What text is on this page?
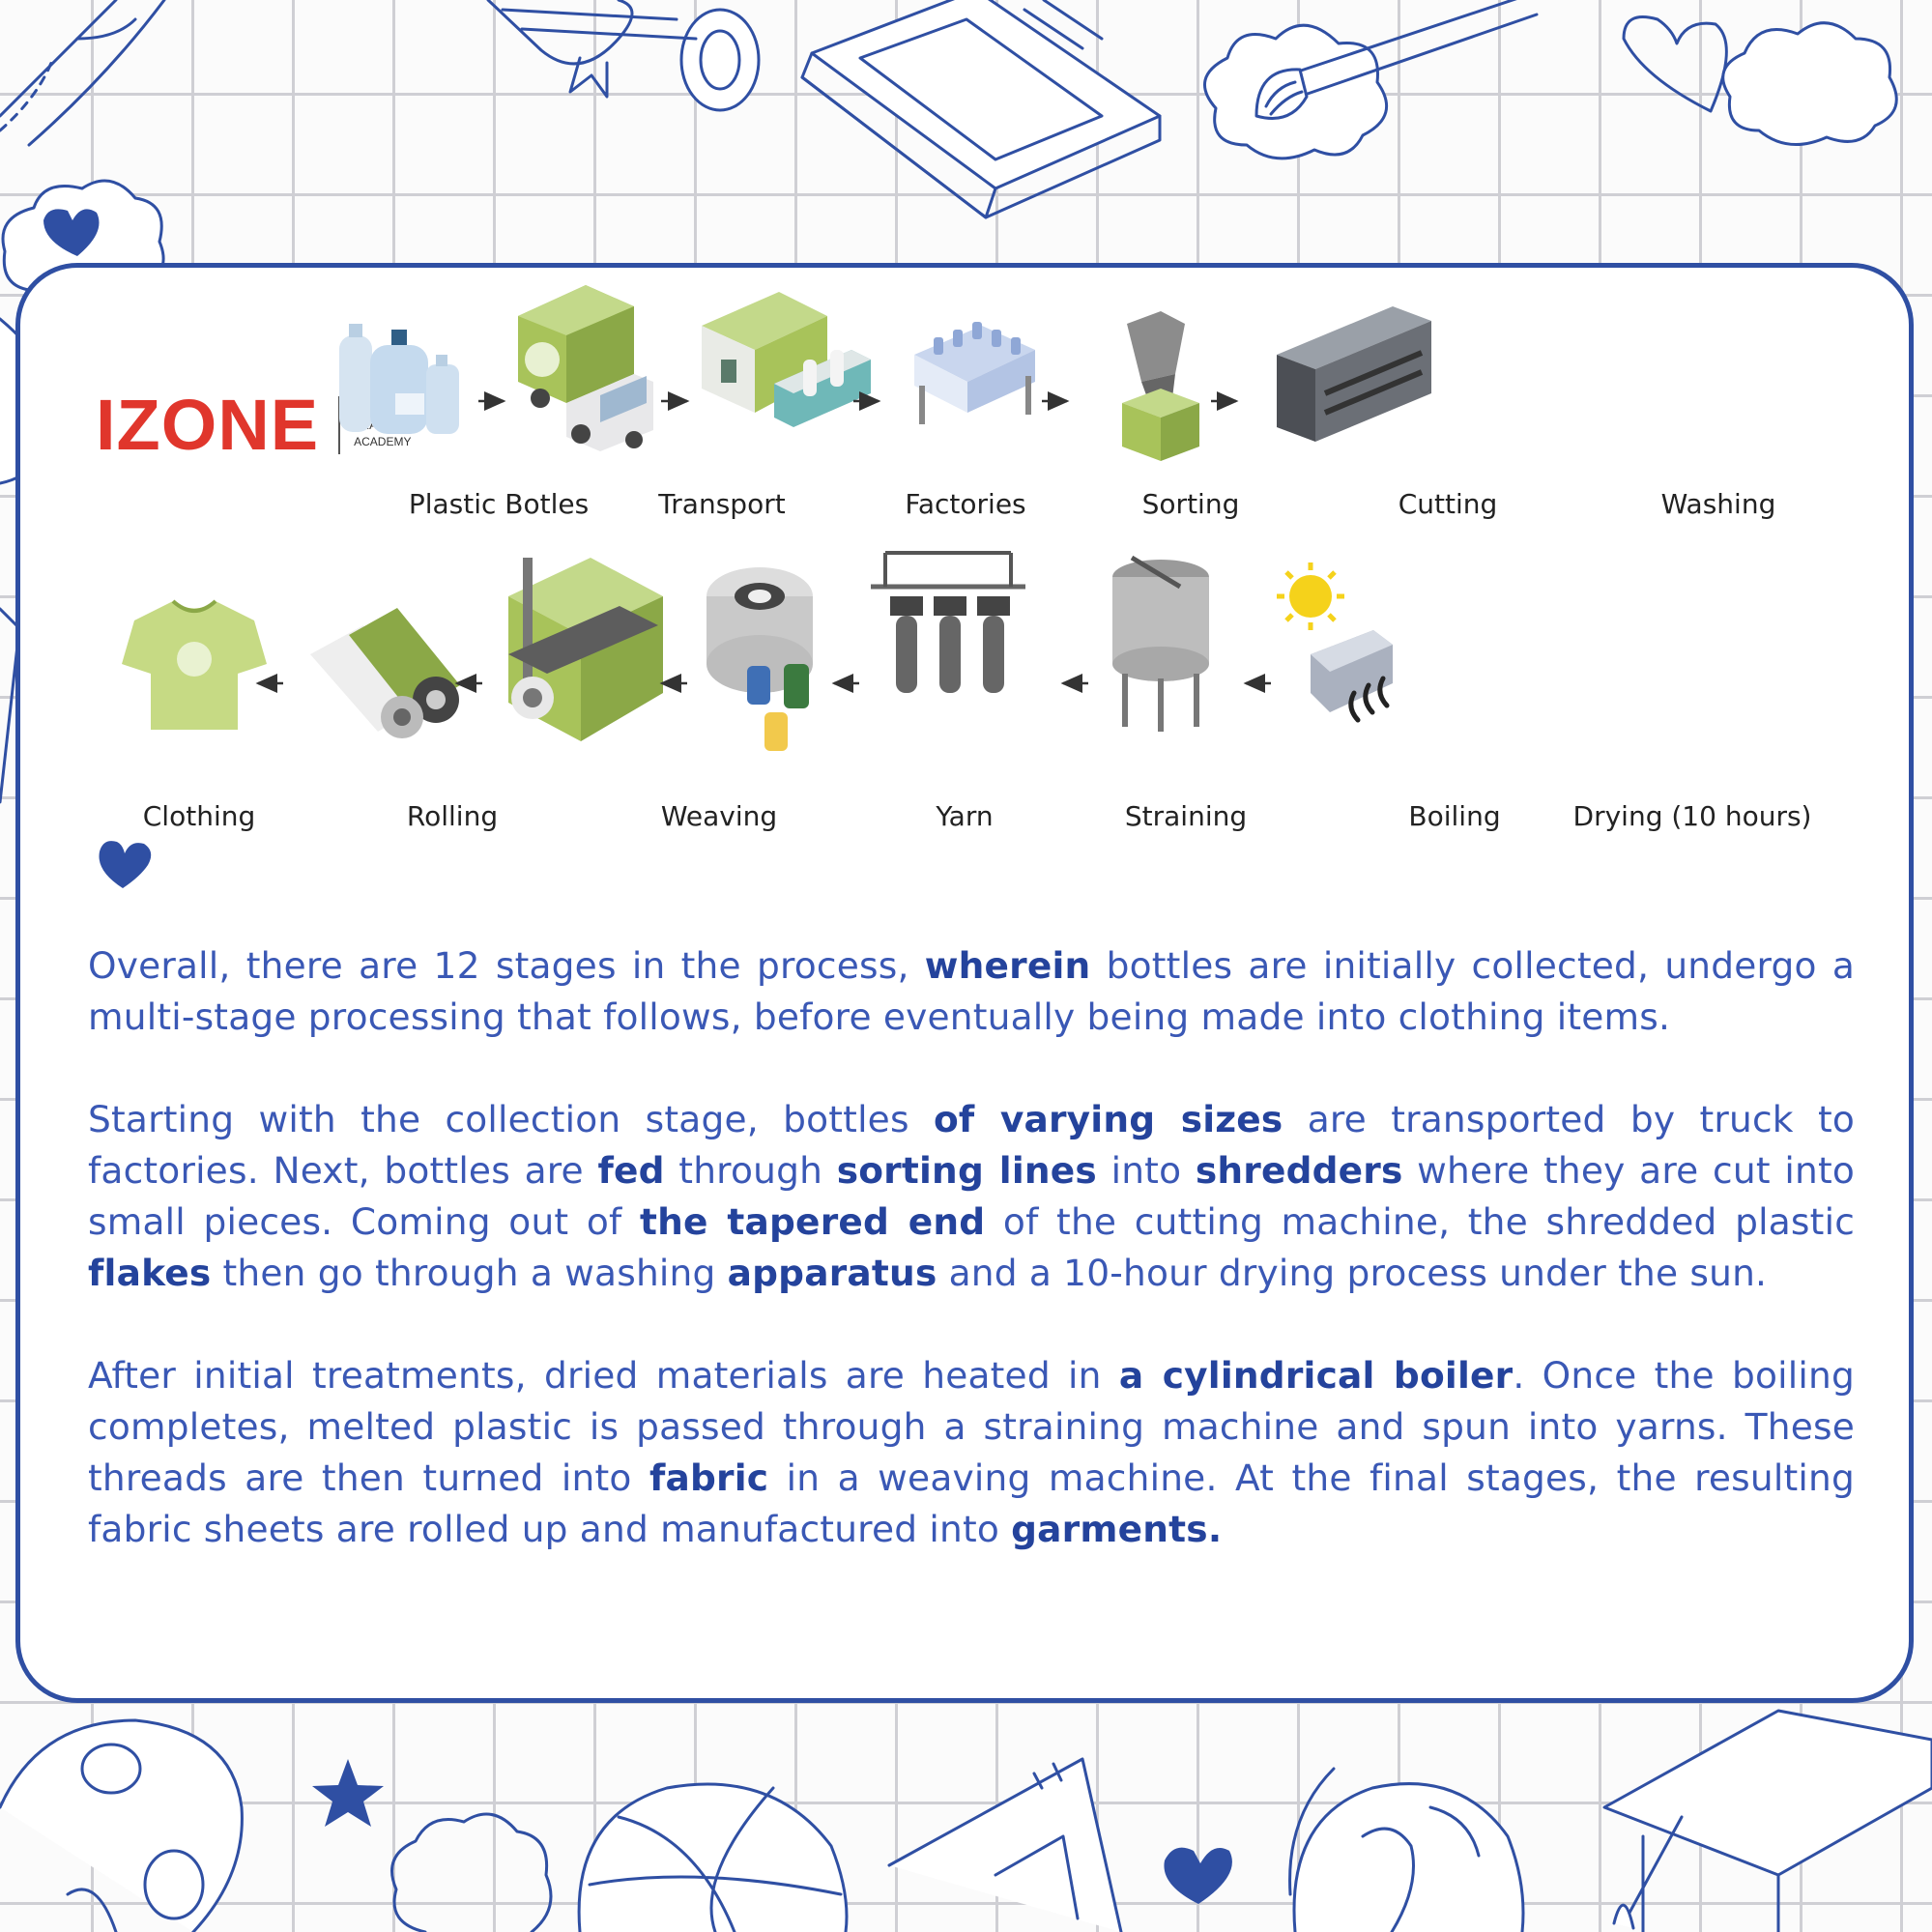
IZONE	ACADEMY
Plastic Botles	Transport	Factories	Sorting	Cutting	Washing
Clothing	Rolling	Weaving	Yarn	Straining	Boiling	Drying (10 hours)

Overall, there are 12 stages in the process, wherein bottles are initially collected, undergo a multi-stage processing that follows, before eventually being made into clothing items.

Starting with the collection stage, bottles of varying sizes are transported by truck to factories. Next, bottles are fed through sorting lines into shredders where they are cut into small pieces. Coming out of the tapered end of the cutting machine, the shredded plastic flakes then go through a washing apparatus and a 10-hour drying process under the sun.

After initial treatments, dried materials are heated in a cylindrical boiler. Once the boiling completes, melted plastic is passed through a straining machine and spun into yarns. These threads are then turned into fabric in a weaving machine. At the final stages, the resulting fabric sheets are rolled up and manufactured into garments.
